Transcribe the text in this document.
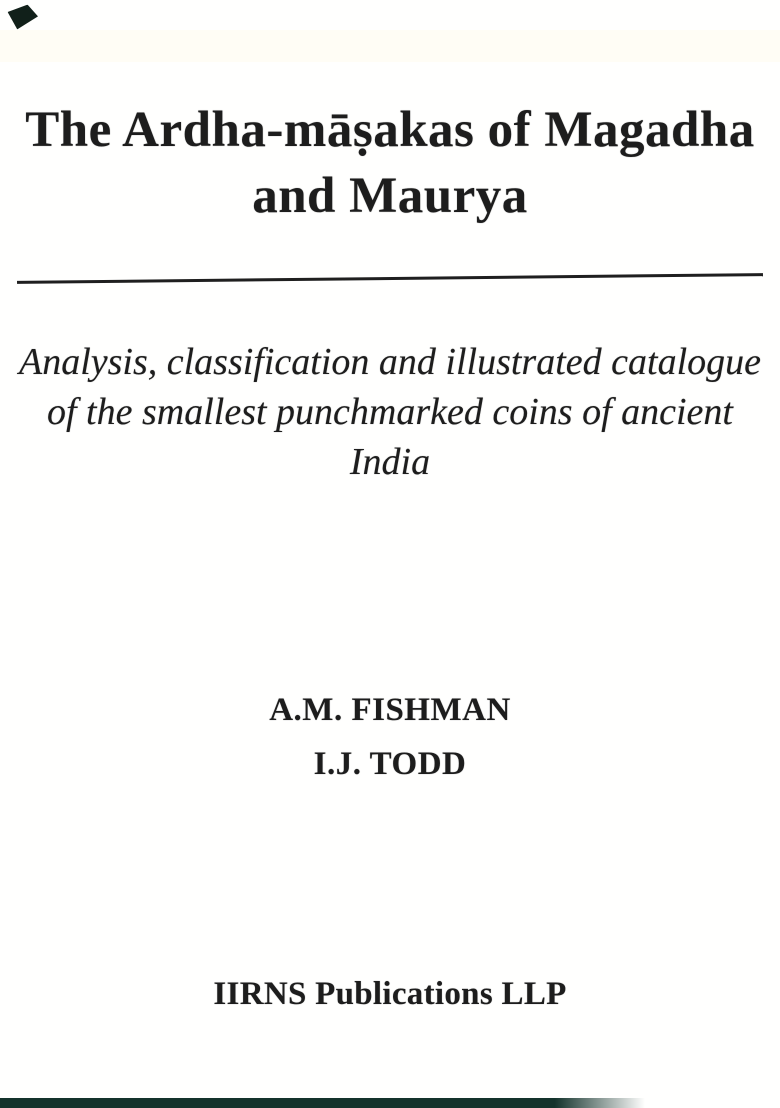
The Ardha-māṣakas of Magadha
and Maurya
Analysis, classification and illustrated catalogue
of the smallest punchmarked coins of ancient
India
A.M. FISHMAN
I.J. TODD
IIRNS Publications LLP
